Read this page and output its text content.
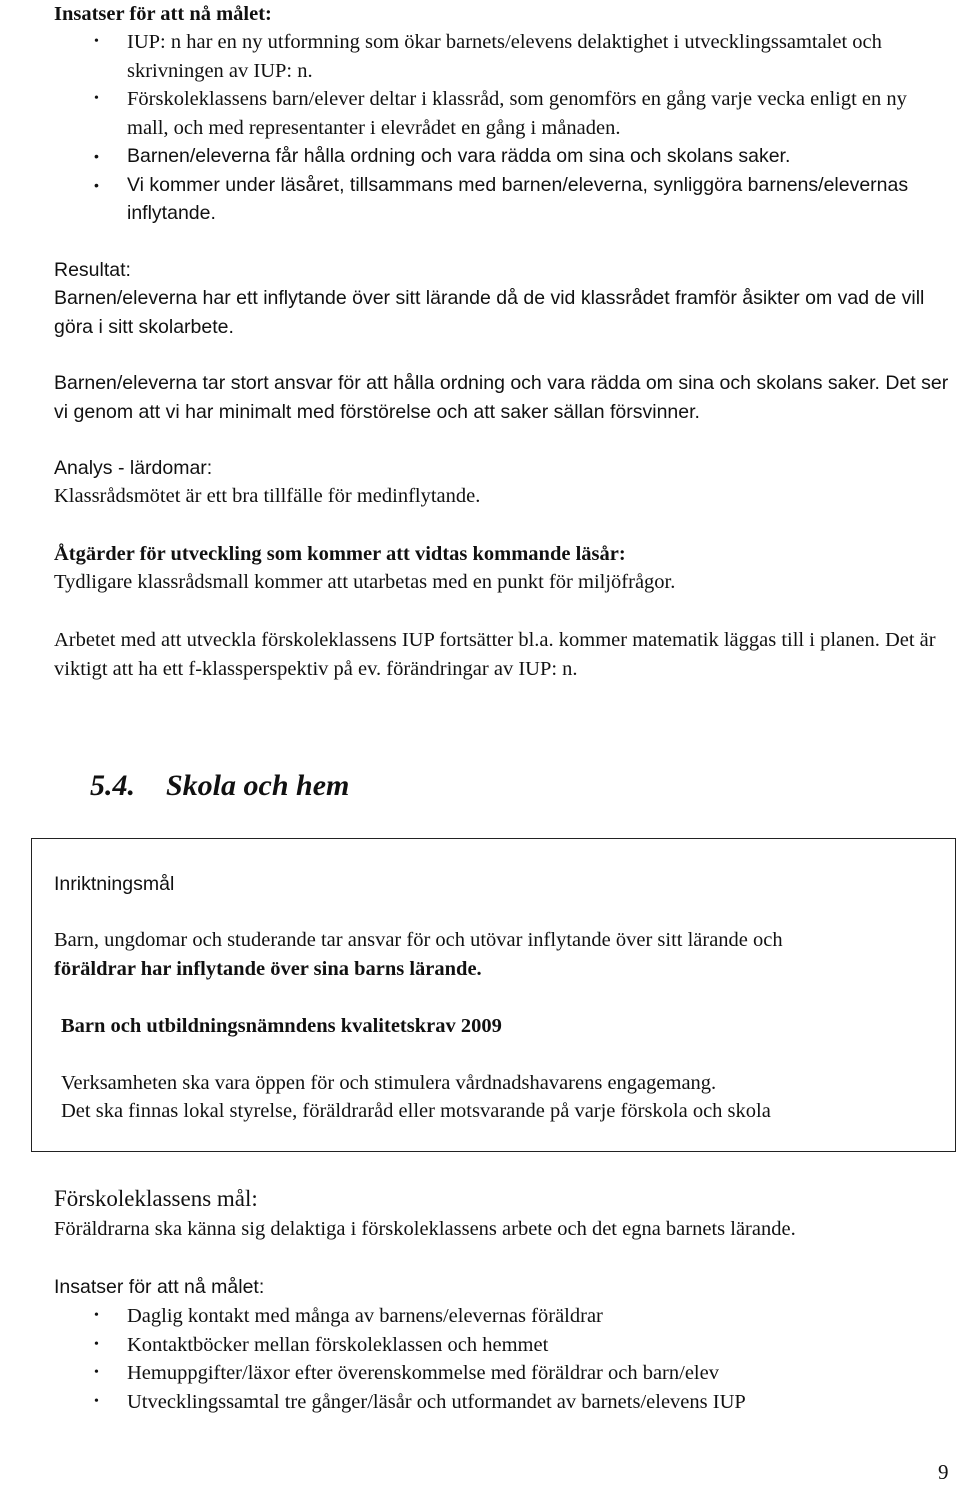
Insatser för att nå målet:
• IUP: n har en ny utformning som ökar barnets/elevens delaktighet i utvecklingssamtalet och skrivningen av IUP: n.
• Förskoleklassens barn/elever deltar i klassråd, som genomförs en gång varje vecka enligt en ny mall, och med representanter i elevrådet en gång i månaden.
• Barnen/eleverna får hålla ordning och vara rädda om sina och skolans saker.
• Vi kommer under läsåret, tillsammans med barnen/eleverna, synliggöra barnens/elevernas inflytande.
Resultat:

Barnen/eleverna har ett inflytande över sitt lärande då de vid klassrådet framför åsikter om vad de vill göra i sitt skolarbete.

Barnen/eleverna tar stort ansvar för att hålla ordning och vara rädda om sina och skolans saker. Det ser vi genom att vi har minimalt med förstörelse och att saker sällan försvinner.

Analys - lärdomar:

Klassrådsmötet är ett bra tillfälle för medinflytande.

Åtgärder för utveckling som kommer att vidtas kommande läsår:

Tydligare klassrådsmall kommer att utarbetas med en punkt för miljöfrågor.

Arbetet med att utveckla förskoleklassens IUP fortsätter bl.a. kommer matematik läggas till i planen. Det är viktigt att ha ett f-klassperspektiv på ev. förändringar av IUP: n.

5.4. Skola och hem
Inriktningsmål

Barn, ungdomar och studerande tar ansvar för och utövar inflytande över sitt lärande och

föräldrar har inflytande över sina barns lärande.

Barn och utbildningsnämndens kvalitetskrav 2009

Verksamheten ska vara öppen för och stimulera vårdnadshavarens engagemang.

Det ska finnas lokal styrelse, föräldraråd eller motsvarande på varje förskola och skola

Förskoleklassens mål:

Föräldrarna ska känna sig delaktiga i förskoleklassens arbete och det egna barnets lärande.

Insatser för att nå målet:
• Daglig kontakt med många av barnens/elevernas föräldrar
• Kontaktböcker mellan förskoleklassen och hemmet
• Hemuppgifter/läxor efter överenskommelse med föräldrar och barn/elev
• Utvecklingssamtal tre gånger/läsår och utformandet av barnets/elevens IUP
9
